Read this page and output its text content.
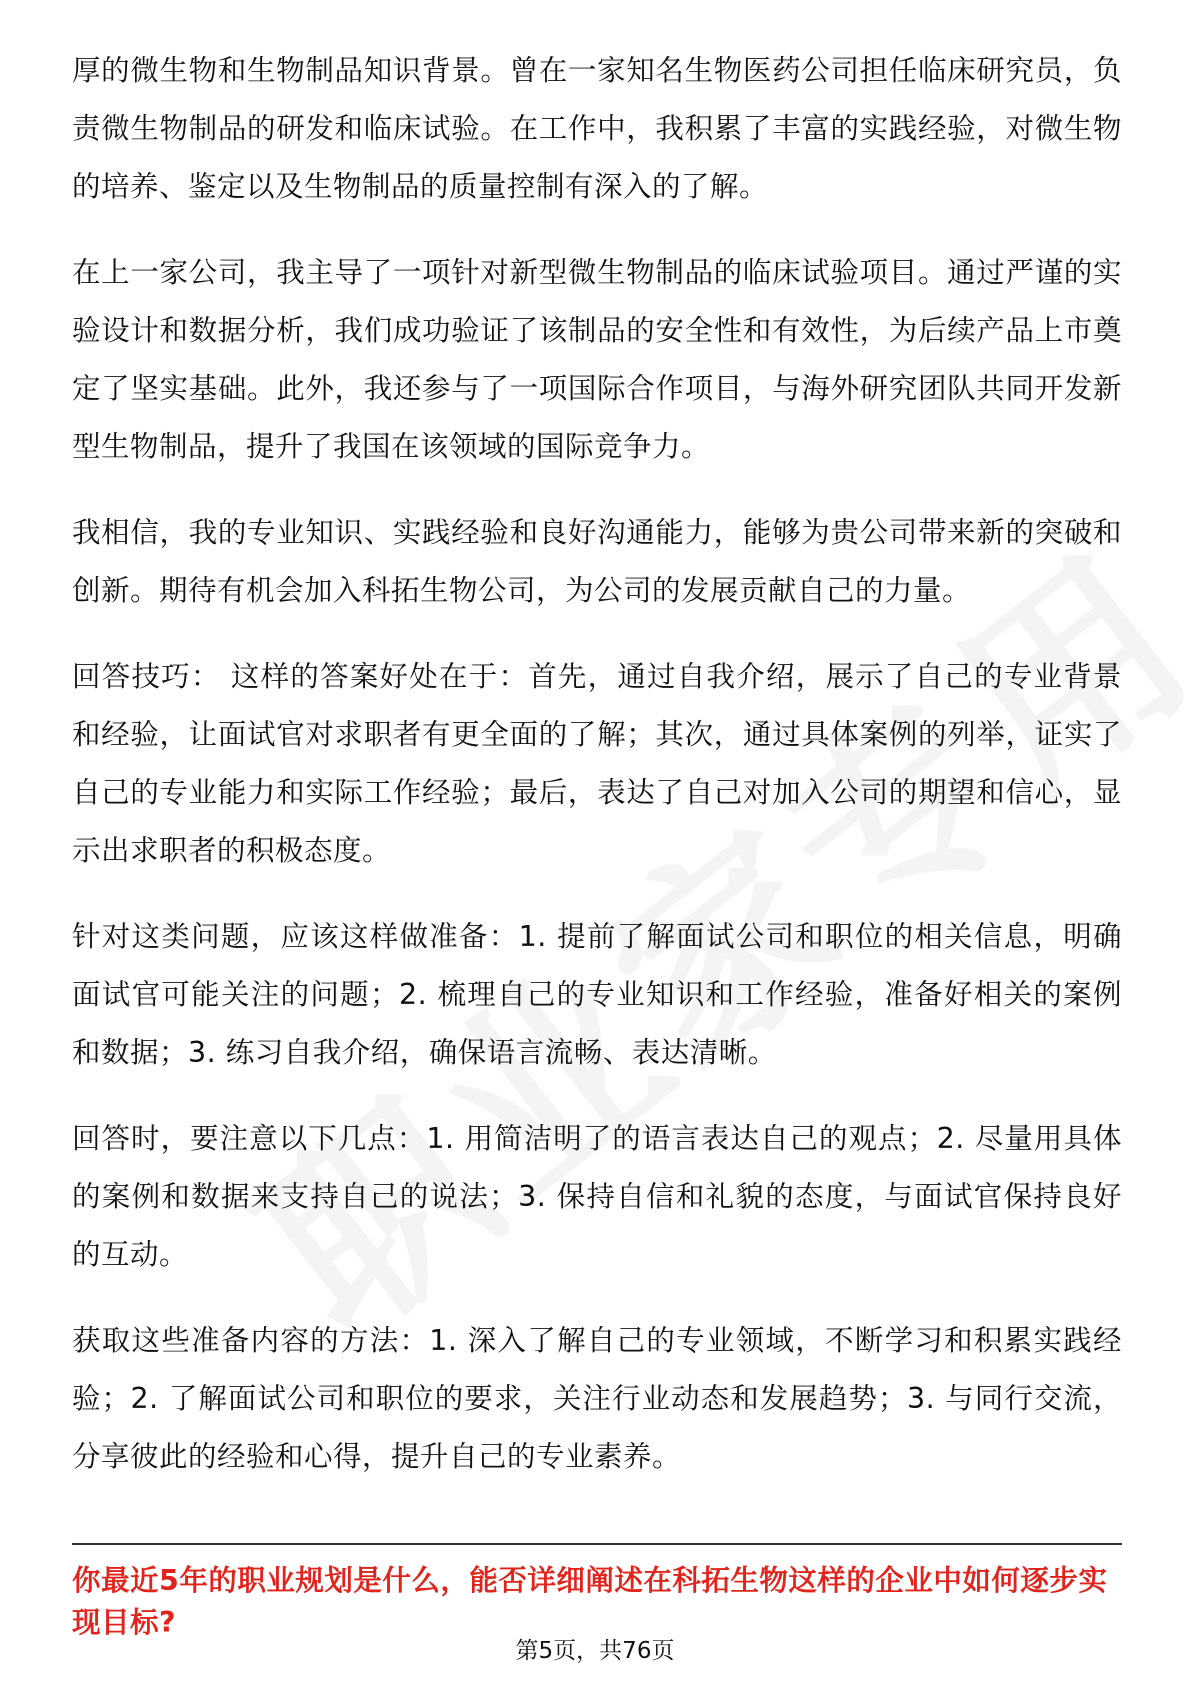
厚的微生物和生物制品知识背景。曾在一家知名生物医药公司担任临床研究员，负责微生物制品的研发和临床试验。在工作中，我积累了丰富的实践经验，对微生物的培养、鉴定以及生物制品的质量控制有深入的了解。

在上一家公司，我主导了一项针对新型微生物制品的临床试验项目。通过严谨的实验设计和数据分析，我们成功验证了该制品的安全性和有效性，为后续产品上市奠定了坚实基础。此外，我还参与了一项国际合作项目，与海外研究团队共同开发新型生物制品，提升了我国在该领域的国际竞争力。

我相信，我的专业知识、实践经验和良好沟通能力，能够为贵公司带来新的突破和创新。期待有机会加入科拓生物公司，为公司的发展贡献自己的力量。

回答技巧： 这样的答案好处在于：首先，通过自我介绍，展示了自己的专业背景和经验，让面试官对求职者有更全面的了解；其次，通过具体案例的列举，证实了自己的专业能力和实际工作经验；最后，表达了自己对加入公司的期望和信心，显示出求职者的积极态度。

针对这类问题，应该这样做准备：1. 提前了解面试公司和职位的相关信息，明确面试官可能关注的问题；2. 梳理自己的专业知识和工作经验，准备好相关的案例和数据；3. 练习自我介绍，确保语言流畅、表达清晰。

回答时，要注意以下几点：1. 用简洁明了的语言表达自己的观点；2. 尽量用具体的案例和数据来支持自己的说法；3. 保持自信和礼貌的态度，与面试官保持良好的互动。

获取这些准备内容的方法：1. 深入了解自己的专业领域，不断学习和积累实践经验；2. 了解面试公司和职位的要求，关注行业动态和发展趋势；3. 与同行交流，分享彼此的经验和心得，提升自己的专业素养。

你最近5年的职业规划是什么，能否详细阐述在科拓生物这样的企业中如何逐步实现目标?
第5页，共76页
